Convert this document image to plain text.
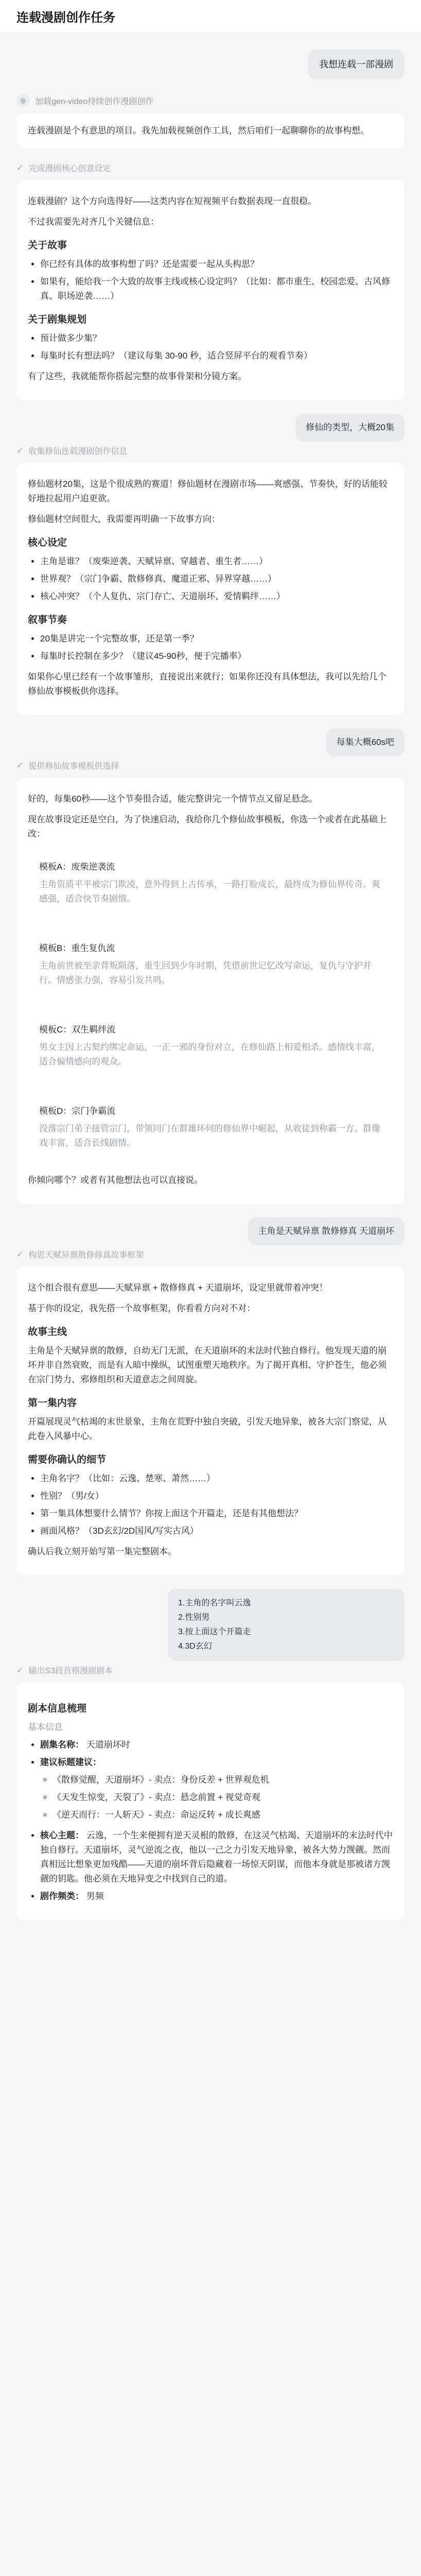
连载漫剧创作任务
我想连载一部漫剧
◎	加载gen-video持续创作漫剧创作
连载漫剧是个有意思的项目。我先加载视频创作工具，然后咱们一起聊聊你的故事构想。
✓ 完成漫剧核心创意设定

连载漫剧？这个方向选得好——这类内容在短视频平台数据表现一直很稳。

不过我需要先对齐几个关键信息：

关于故事
• 你已经有具体的故事构想了吗？还是需要一起从头构思？
• 如果有，能给我一个大致的故事主线或核心设定吗？（比如：都市重生、校园恋爱、古风修真、职场逆袭……）
关于剧集规划
• 预计做多少集？
• 每集时长有想法吗？（建议每集 30-90 秒，适合竖屏平台的观看节奏）

有了这些，我就能帮你搭起完整的故事骨架和分镜方案。

修仙的类型，大概20集
✓ 收集修仙连载漫剧创作信息

修仙题材20集，这是个很成熟的赛道！修仙题材在漫剧市场——爽感强、节奏快，好的话能较好地拉起用户追更欲。

修仙题材空间很大，我需要再明确一下故事方向：

核心设定
• 主角是谁？（废柴逆袭、天赋异禀、穿越者、重生者……）
• 世界观？（宗门争霸、散修修真、魔道正邪、异界穿越……）
• 核心冲突？（个人复仇、宗门存亡、天道崩坏、爱情羁绊……）
叙事节奏
• 20集是讲完一个完整故事，还是第一季？
• 每集时长控制在多少？（建议45-90秒，便于完播率）

如果你心里已经有一个故事雏形，直接说出来就行；如果你还没有具体想法，我可以先给几个修仙故事模板供你选择。

每集大概60s吧
✓ 提供修仙故事模板供选择

好的，每集60秒——这个节奏很合适，能完整讲完一个情节点又留足悬念。

现在故事设定还是空白，为了快速启动，我给你几个修仙故事模板，你选一个或者在此基础上改：

模板A：废柴逆袭流
主角资质平平被宗门欺凌，意外得到上古传承，一路打脸成长，最终成为修仙界传奇。爽感强，适合快节奏剧情。
模板B：重生复仇流
主角前世被至亲背叛陨落，重生回到少年时期，凭借前世记忆改写命运，复仇与守护并行。情感张力强，容易引发共鸣。
模板C：双生羁绊流
男女主因上古契约绑定命运，一正一邪的身份对立，在修仙路上相爱相杀。感情线丰富，适合偏情感向的观众。
模板D：宗门争霸流
没落宗门弟子接管宗门，带领同门在群雄环伺的修仙界中崛起，从收徒到称霸一方。群像戏丰富，适合长线剧情。

你倾向哪个？或者有其他想法也可以直接说。

主角是天赋异禀 散修修真 天道崩坏
✓ 构思天赋异禀散修修真故事框架

这个组合很有意思——天赋异禀 + 散修修真 + 天道崩坏，设定里就带着冲突！

基于你的设定，我先搭一个故事框架，你看看方向对不对：

故事主线

主角是个天赋异禀的散修，自幼无门无派，在天道崩坏的末法时代独自修行。他发现天道的崩坏并非自然衰败，而是有人暗中操纵，试图重塑天地秩序。为了揭开真相、守护苍生，他必须在宗门势力、邪修组织和天道意志之间周旋。

第一集内容

开篇展现灵气枯竭的末世景象，主角在荒野中独自突破，引发天地异象，被各大宗门察觉，从此卷入风暴中心。

需要你确认的细节
• 主角名字？（比如：云逸、楚寒、萧然……）
• 性别？（男/女）
• 第一集具体想要什么情节？你按上面这个开篇走，还是有其他想法？
• 画面风格？（3D玄幻/2D国风/写实古风）

确认后我立刻开始写第一集完整剧本。

1.主角的名字叫云逸
2.性别男
3.按上面这个开篇走
4.3D玄幻
✓ 输出S3段首格漫剧剧本
剧本信息梳理
基本信息
• 剧集名称： 天道崩坏时
• 建议标题建议：
◦ 《散修觉醒，天道崩坏》- 卖点：身份反差 + 世界观危机
◦ 《天发生惊变，天裂了》- 卖点：悬念前置 + 视觉奇观
◦ 《逆天而行：一人斩天》- 卖点：命运反转 + 成长爽感
• 核心主题： 云逸，一个生来便拥有逆天灵根的散修，在这灵气枯竭、天道崩坏的末法时代中独自修行。天道崩坏，灵气逆流之夜，他以一己之力引发天地异象，被各大势力觊觎。然而真相远比想象更加残酷——天道的崩坏背后隐藏着一场惊天阴谋，而他本身就是那被诸方觊觎的钥匙。他必须在天地异变之中找到自己的道。
• 剧作频类： 男频
